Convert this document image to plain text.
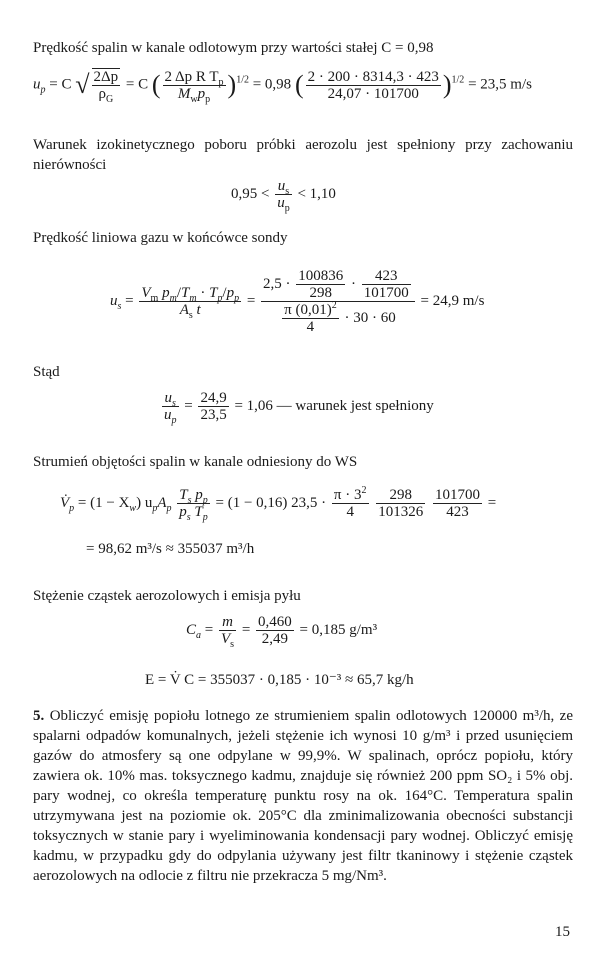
Prędkość spalin w kanale odlotowym przy wartości stałej C = 0,98

$u_p = C$ √ $\frac{2\Delta p}{\rho_G} = C$ ( $\frac{2 \Delta p R T_p}{M_wp_p} )^{1/2} = 0,98$ ( $\frac{2 \cdot 200 \cdot 8314,3 \cdot 423}{24,07 \cdot 101700} )^{1/2} = 23,5$ m/s

Warunek izokinetycznego poboru próbki aerozolu jest spełniony przy zachowaniu nierówności

$0,95 < \frac{u_s}{u_p} < 1,10$

Prędkość liniowa gazu w końcówce sondy

$u_s = \frac{V_m p_m/T_m \cdot T_p/p_p}{A_s t} = \frac{2,5 \cdot \frac{100836}{298} \cdot \frac{423}{101700}}{\frac{\pi (0,01)^2}{4} \cdot 30 \cdot 60} = 24,9$ m/s

Stąd

$\frac{u_s}{u_p} = \frac{24,9}{23,5} = 1,06$ — warunek jest spełniony

Strumień objętości spalin w kanale odniesiony do WS

$V̇_p = (1 - X_w)$ $u_pA_p \frac{T_s p_p}{p_s T_p} = (1 - 0,16) 23,5 \cdot \frac{\pi \cdot 3^2}{4}$
$\frac{298}{101326}$
$\frac{101700}{423}$ =
= 98,62 m³/s ≈ 355037 m³/h

Stężenie cząstek aerozolowych i emisja pyłu

$C_a = \frac{m}{V_s} = \frac{0,460}{2,49} = 0,185$ g/m³
E = V̇ C = 355037 · 0,185 · 10⁻³ ≈ 65,7 kg/h

5. Obliczyć emisję popiołu lotnego ze strumieniem spalin odlotowych 120000 m³/h, ze spalarni odpadów komunalnych, jeżeli stężenie ich wynosi 10 g/m³ i przed usunięciem gazów do atmosfery są one odpylane w 99,9%. W spalinach, oprócz popiołu, który zawiera ok. 10% mas. toksycznego kadmu, znajduje się również 200 ppm SO₂ i 5% obj. pary wodnej, co określa temperaturę punktu rosy na ok. 164°C. Temperatura spalin utrzymywana jest na poziomie ok. 205°C dla zminimalizowania obecności substancji toksycznych w stanie pary i wyeliminowania kondensacji pary wodnej. Obliczyć emisję kadmu, w przypadku gdy do odpylania używany jest filtr tkaninowy i stężenie cząstek aerozolowych na odlocie z filtru nie przekracza 5 mg/Nm³.

15
